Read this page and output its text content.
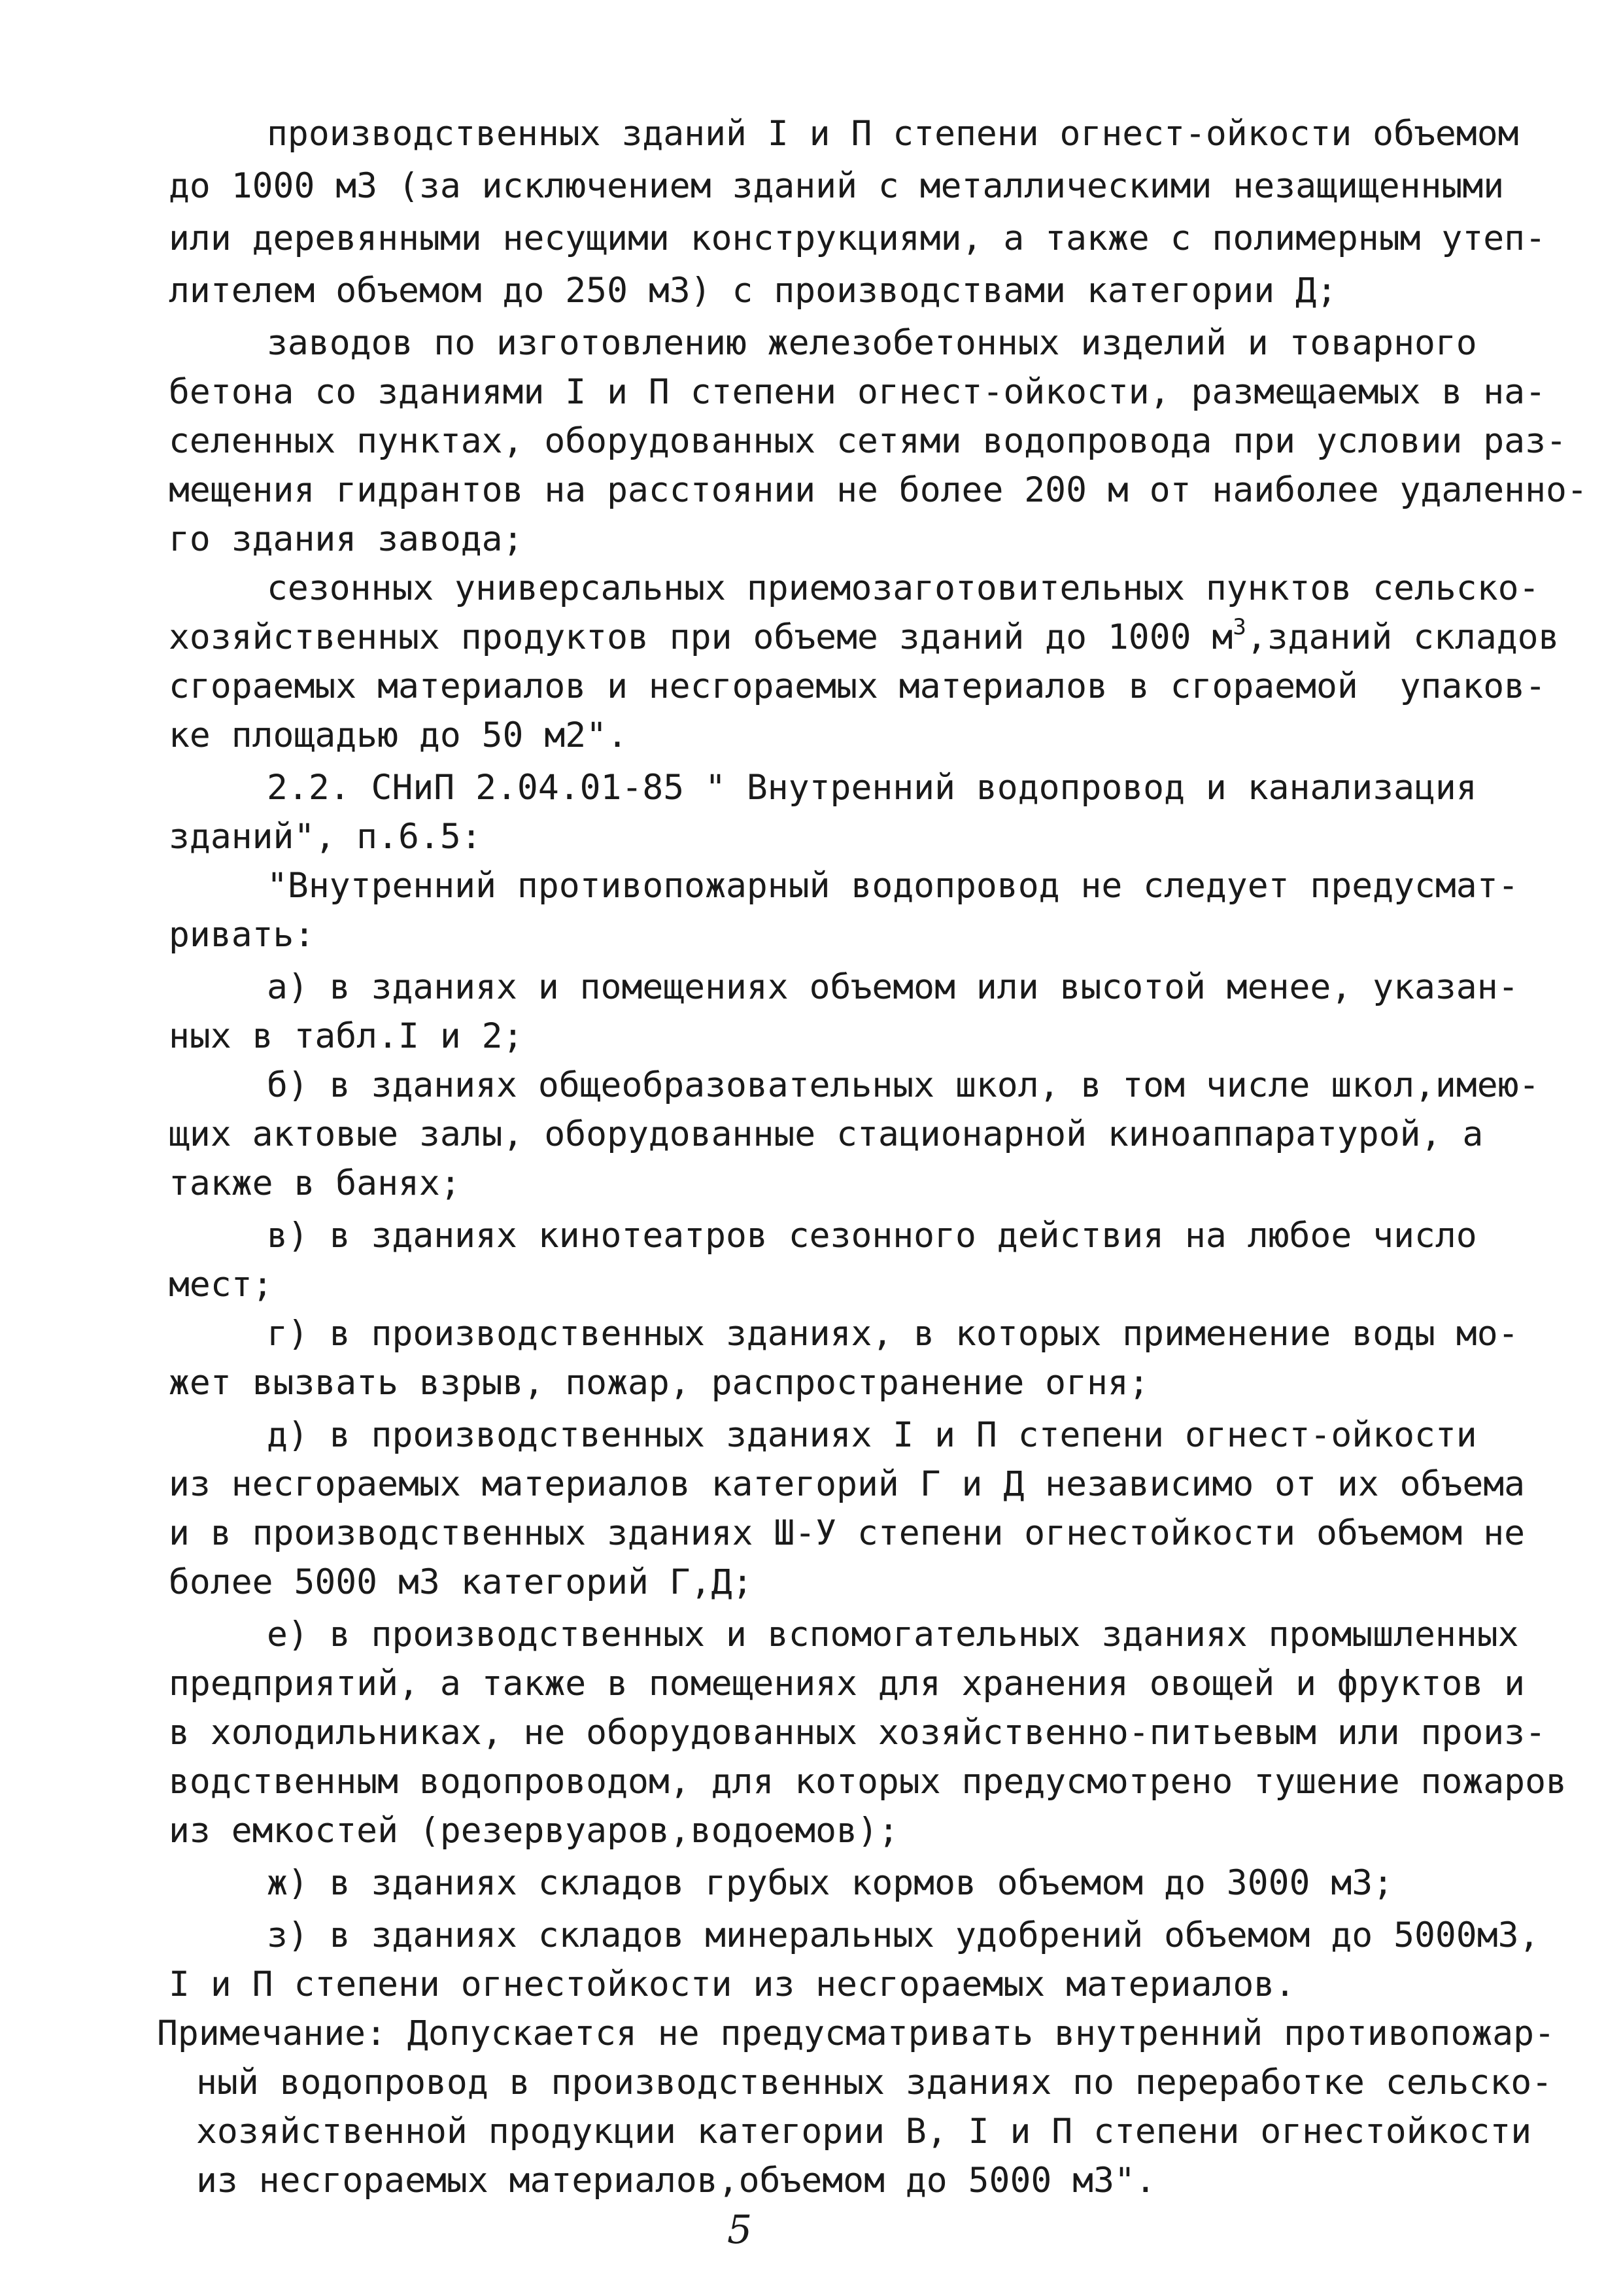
производственных зданий I и П степени огнест-ойкости объемом
до 1000 м3 (за исключением зданий с металлическими незащищенными
или деревянными несущими конструкциями, а также с полимерным утеп-
лителем объемом до 250 м3) с производствами категории Д;
заводов по изготовлению железобетонных изделий и товарного
бетона со зданиями I и П степени огнест-ойкости, размещаемых в на-
селенных пунктах, оборудованных сетями водопровода при условии раз-
мещения гидрантов на расстоянии не более 200 м от наиболее удаленно-
го здания завода;
сезонных универсальных приемозаготовительных пунктов сельско-
хозяйственных продуктов при объеме зданий до 1000 $м^3,зданий$ складов
сгораемых материалов и несгораемых материалов в сгораемой  упаков-
ке площадью до 50 м2".
2.2. СНиП 2.04.01-85 " Внутренний водопровод и канализация
зданий", п.6.5:
"Внутренний противопожарный водопровод не следует предусмат-
ривать:
а) в зданиях и помещениях объемом или высотой менее, указан-
ных в табл.I и 2;
б) в зданиях общеобразовательных школ, в том числе школ,имею-
щих актовые залы, оборудованные стационарной киноаппаратурой, а
также в банях;
в) в зданиях кинотеатров сезонного действия на любое число
мест;
г) в производственных зданиях, в которых применение воды мо-
жет вызвать взрыв, пожар, распространение огня;
д) в производственных зданиях I и П степени огнест-ойкости
из несгораемых материалов категорий Г и Д независимо от их объема
и в производственных зданиях Ш-У степени огнестойкости объемом не
более 5000 м3 категорий Г,Д;
е) в производственных и вспомогательных зданиях промышленных
предприятий, а также в помещениях для хранения овощей и фруктов и
в холодильниках, не оборудованных хозяйственно-питьевым или произ-
водственным водопроводом, для которых предусмотрено тушение пожаров
из емкостей (резервуаров,водоемов);
ж) в зданиях складов грубых кормов объемом до 3000 м3;
з) в зданиях складов минеральных удобрений объемом до 5000м3,
I и П степени огнестойкости из несгораемых материалов.
Примечание: Допускается не предусматривать внутренний противопожар-
ный водопровод в производственных зданиях по переработке сельско-
хозяйственной продукции категории В, I и П степени огнестойкости
из несгораемых материалов,объемом до 5000 м3".
5
